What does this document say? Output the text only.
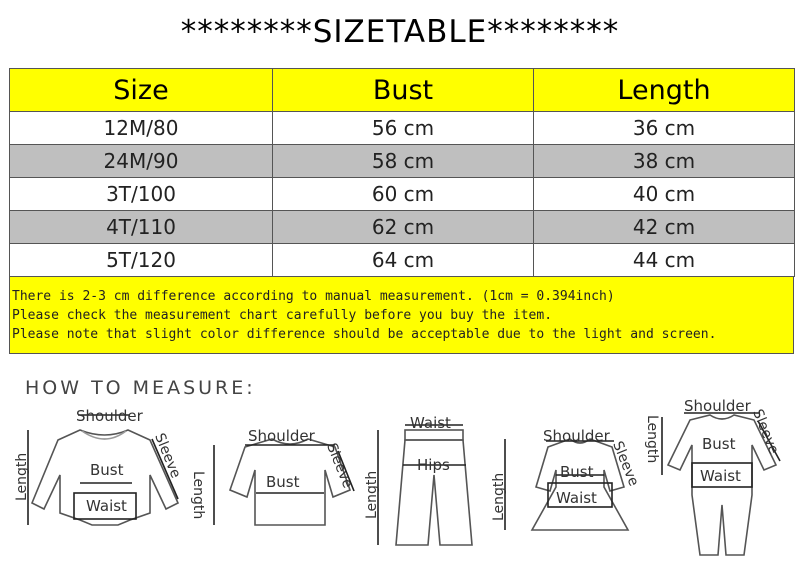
********SIZETABLE********
Size	Bust	Length
12M/80	56 cm	36 cm
24M/90	58 cm	38 cm
3T/100	60 cm	40 cm
4T/110	62 cm	42 cm
5T/120	64 cm	44 cm
There is 2-3 cm difference according to manual measurement. (1cm = 0.394inch)
Please check the measurement chart carefully before you buy the item.
Please note that slight color difference should be acceptable due to the light and screen.
HOW TO MEASURE:
Shoulder
Bust
Waist
Length	Sleeve	Shoulder
Bust
Length
Sleeve
Waist
Hips
Length
Shoulder
Bust
Waist
Length
Sleeve
Shoulder
Bust
Waist
Length	Sleeve
